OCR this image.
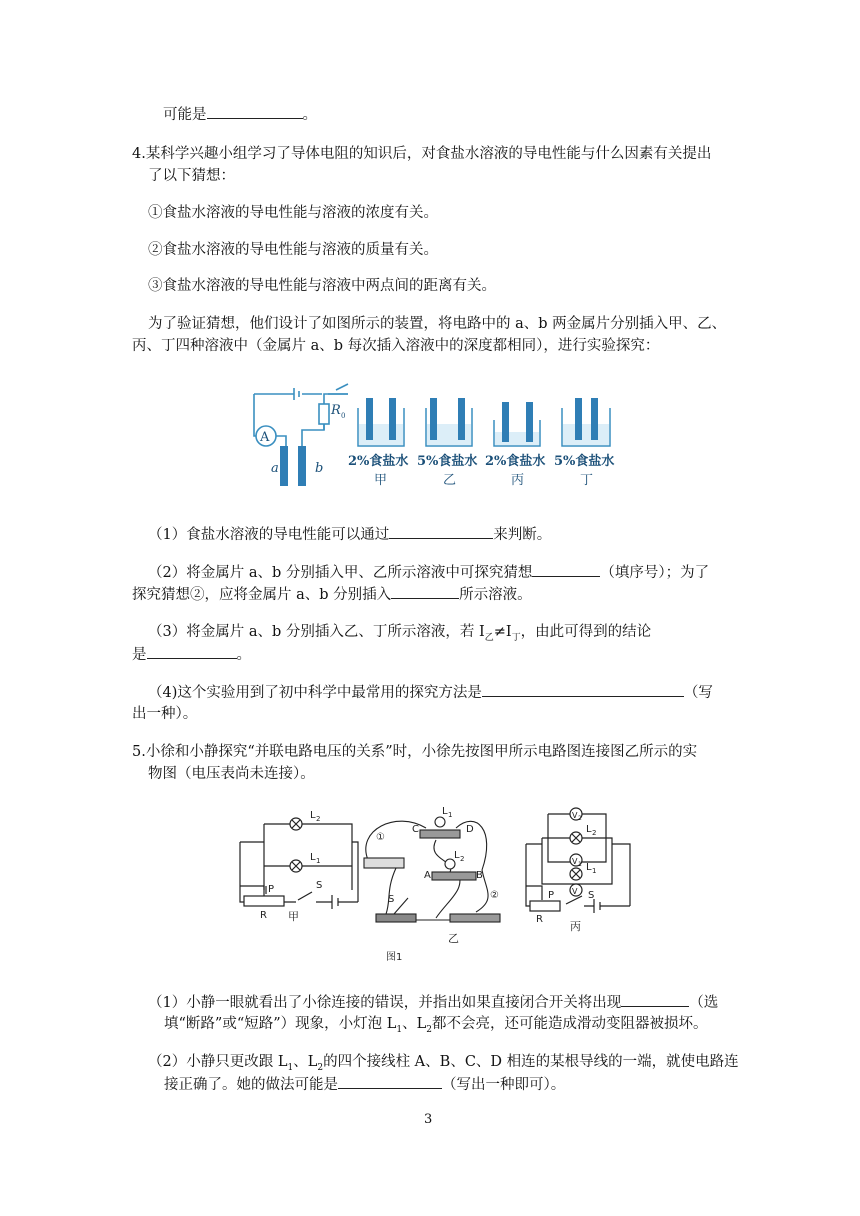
可能是	。
4.某科学兴趣小组学习了导体电阻的知识后，对食盐水溶液的导电性能与什么因素有关提出
了以下猜想：
①食盐水溶液的导电性能与溶液的浓度有关。
②食盐水溶液的导电性能与溶液的质量有关。
③食盐水溶液的导电性能与溶液中两点间的距离有关。
为了验证猜想，他们设计了如图所示的装置，将电路中的 a、b 两金属片分别插入甲、乙、
丙、丁四种溶液中（金属片 a、b 每次插入溶液中的深度都相同），进行实验探究：
A
R 0
a	b 2%食盐水 5%食盐水 2%食盐水 5%食盐水
甲	乙	丙	丁
（1）食盐水溶液的导电性能可以通过	来判断。
（2）将金属片 a、b 分别插入甲、乙所示溶液中可探究猜想	（填序号）；为了
探究猜想②，应将金属片 a、b 分别插入	所示溶液。
（3）将金属片 a、b 分别插入乙、丁所示溶液，若 $I_乙\ne I_丁$，由此可得到的结论
是	。
（4)这个实验用到了初中科学中最常用的探究方法是	（写
出一种）。
5.小徐和小静探究“并联电路电压的关系”时，小徐先按图甲所示电路图连接图乙所示的实
物图（电压表尚未连接）。
L 2
L 1
P
R
S
甲
①
②
C	D
A	B
L 1
L 2
S
乙
图1
V 2
L 2
V 1 L 1
V
P
R
S
丙
（1）小静一眼就看出了小徐连接的错误，并指出如果直接闭合开关将出现	（选
填“断路”或“短路”）现象，小灯泡 $L_1$、$L_2$都不会亮，还可能造成滑动变阻器被损坏。
（2）小静只更改跟 $L_1$、$L_2$的四个接线柱 A、B、C、D 相连的某根导线的一端，就使电路连
接正确了。她的做法可能是	（写出一种即可）。
3
